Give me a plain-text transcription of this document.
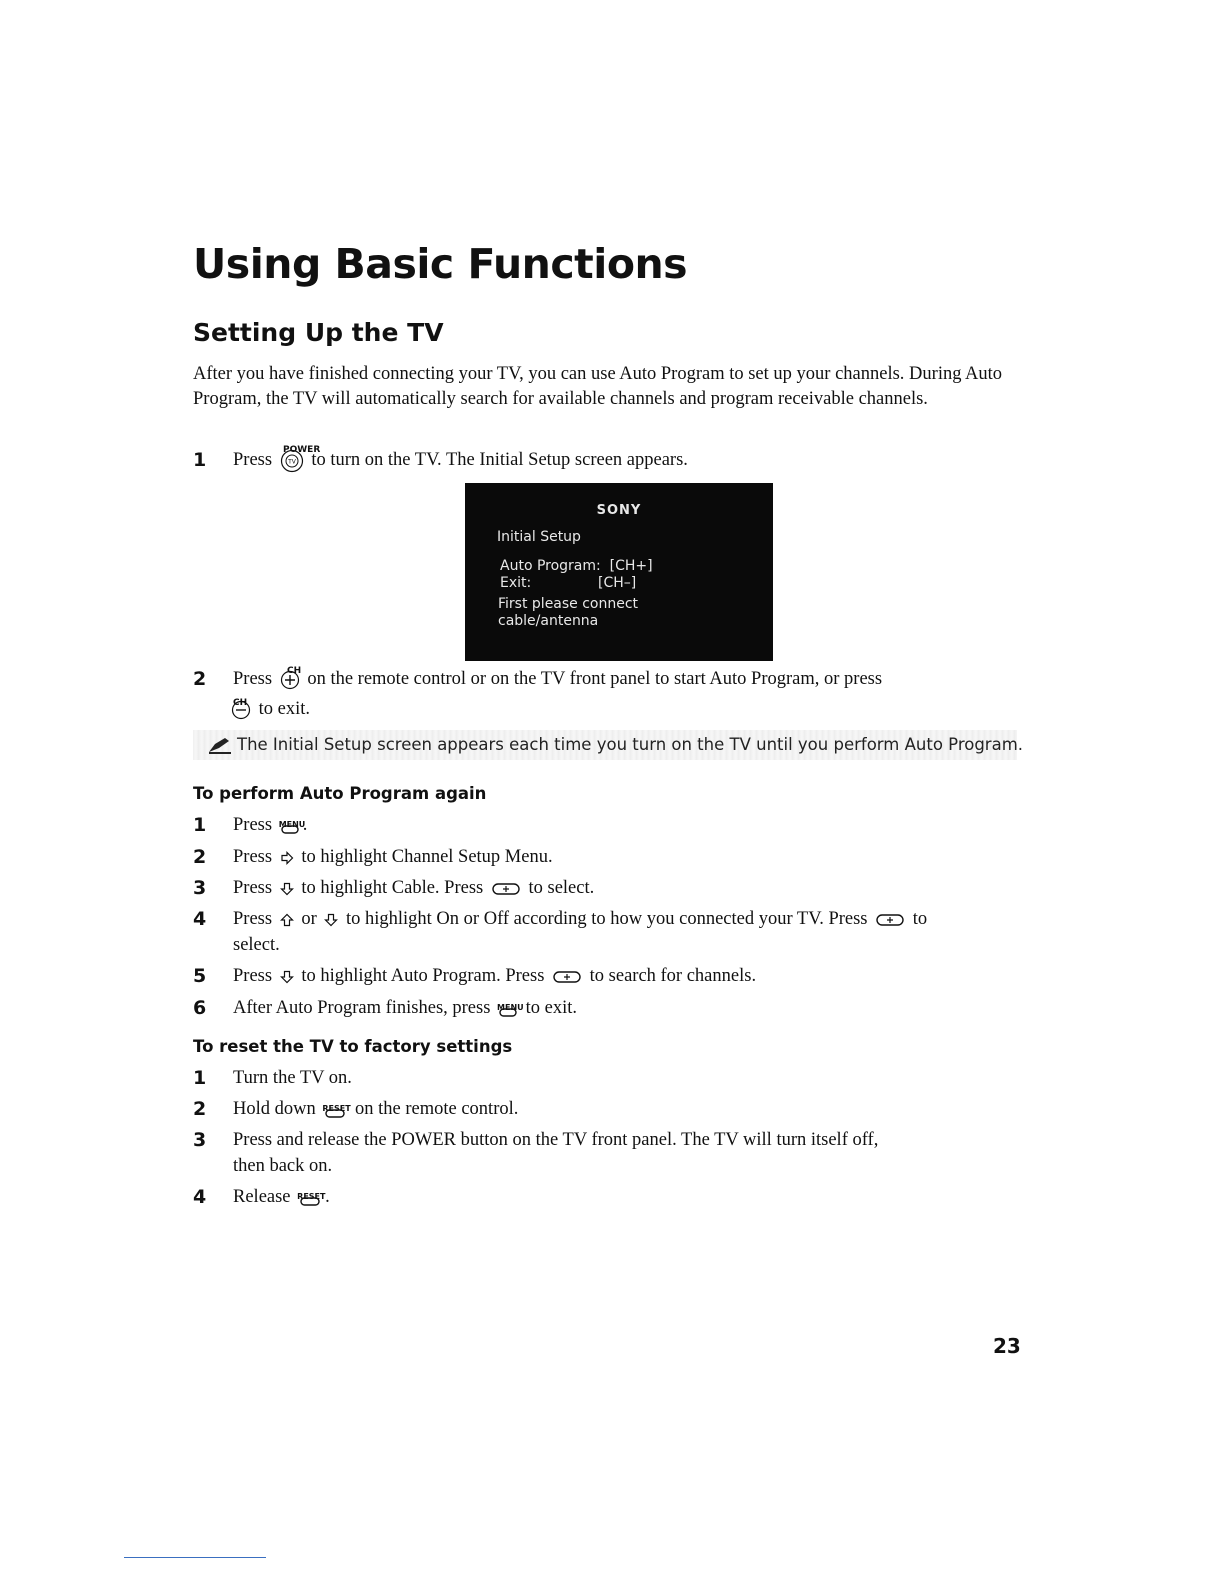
Using Basic Functions
Setting Up the TV

After you have finished connecting your TV, you can use Auto Program to set up your channels. During Auto Program, the TV will automatically search for available channels and program receivable channels.

1	POWER
Press	TV to turn on the TV. The Initial Setup screen appears.
SONY
Initial Setup
Auto Program:  [CH+]
Exit:               [CH–]
First please connect
cable/antenna
2	CH
Press on the remote control or on the TV front panel to start Auto Program, or press
CH to exit.
The Initial Setup screen appears each time you turn on the TV until you perform Auto Program.
To perform Auto Program again
1	Press MENU
.
2	Press to highlight Channel Setup Menu.
3	Press to highlight Cable. Press to select.
4	Press or to highlight On or Off according to how you connected your TV. Press to
select.
5	Press to highlight Auto Program. Press to search for channels.
6	After Auto Program finishes, press MENU to exit.
To reset the TV to factory settings
1	Turn the TV on.
2	Hold down RESET on the remote control.
3	Press and release the POWER button on the TV front panel. The TV will turn itself off,
then back on.
4	Release RESET .
23
